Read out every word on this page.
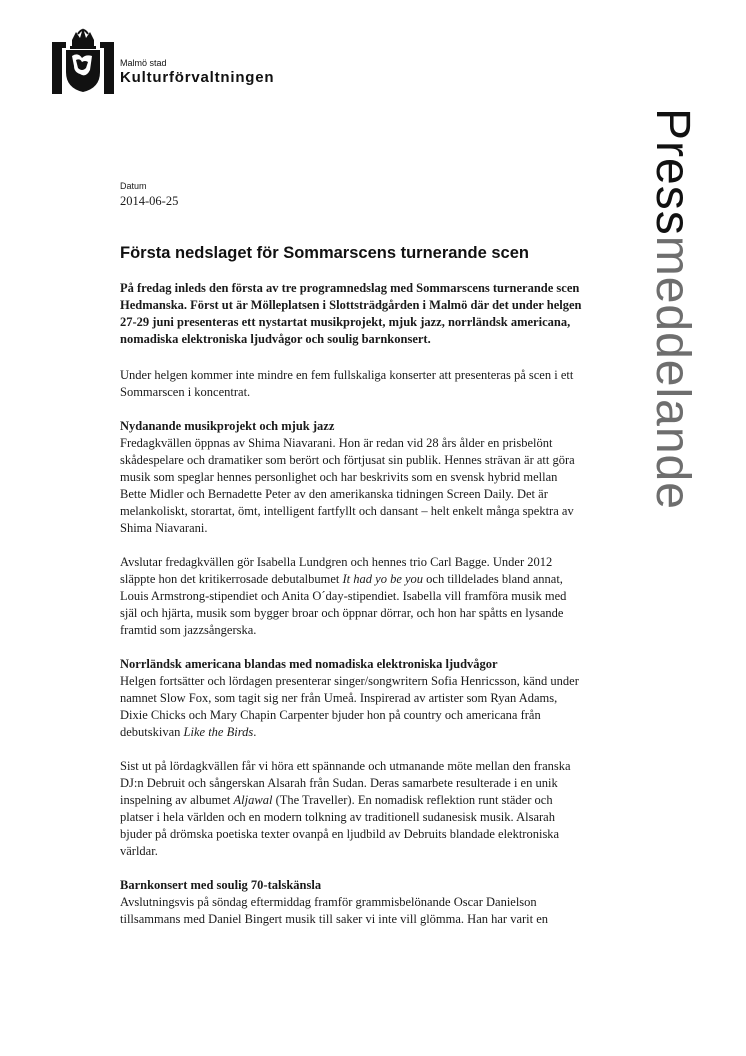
Malmö stad
Kulturförvaltningen
Pressmeddelande
Datum
2014-06-25
Första nedslaget för Sommarscens turnerande scen

På fredag inleds den första av tre programnedslag med Sommarscens turnerande scen Hedmanska. Först ut är Mölleplatsen i Slottsträdgården i Malmö där det under helgen 27-29 juni presenteras ett nystartat musikprojekt, mjuk jazz, norrländsk americana, nomadiska elektroniska ljudvågor och soulig barnkonsert.

Under helgen kommer inte mindre en fem fullskaliga konserter att presenteras på scen i ett Sommarscen i koncentrat.

Nydanande musikprojekt och mjuk jazz

Fredagkvällen öppnas av Shima Niavarani. Hon är redan vid 28 års ålder en prisbelönt skådespelare och dramatiker som berört och förtjusat sin publik. Hennes strävan är att göra musik som speglar hennes personlighet och har beskrivits som en svensk hybrid mellan Bette Midler och Bernadette Peter av den amerikanska tidningen Screen Daily. Det är melankoliskt, storartat, ömt, intelligent fartfyllt och dansant – helt enkelt många spektra av Shima Niavarani.

Avslutar fredagkvällen gör Isabella Lundgren och hennes trio Carl Bagge. Under 2012 släppte hon det kritikerrosade debutalbumet It had yo be you och tilldelades bland annat, Louis Armstrong-stipendiet och Anita O´day-stipendiet. Isabella vill framföra musik med själ och hjärta, musik som bygger broar och öppnar dörrar, och hon har spåtts en lysande framtid som jazzsångerska.

Norrländsk americana blandas med nomadiska elektroniska ljudvågor

Helgen fortsätter och lördagen presenterar singer/songwritern Sofia Henricsson, känd under namnet Slow Fox, som tagit sig ner från Umeå. Inspirerad av artister som Ryan Adams, Dixie Chicks och Mary Chapin Carpenter bjuder hon på country och americana från debutskivan Like the Birds.

Sist ut på lördagkvällen får vi höra ett spännande och utmanande möte mellan den franska DJ:n Debruit och sångerskan Alsarah från Sudan. Deras samarbete resulterade i en unik inspelning av albumet Aljawal (The Traveller). En nomadisk reflektion runt städer och platser i hela världen och en modern tolkning av traditionell sudanesisk musik. Alsarah bjuder på drömska poetiska texter ovanpå en ljudbild av Debruits blandade elektroniska världar.

Barnkonsert med soulig 70-talskänsla

Avslutningsvis på söndag eftermiddag framför grammisbelönande Oscar Danielson tillsammans med Daniel Bingert musik till saker vi inte vill glömma. Han har varit en
